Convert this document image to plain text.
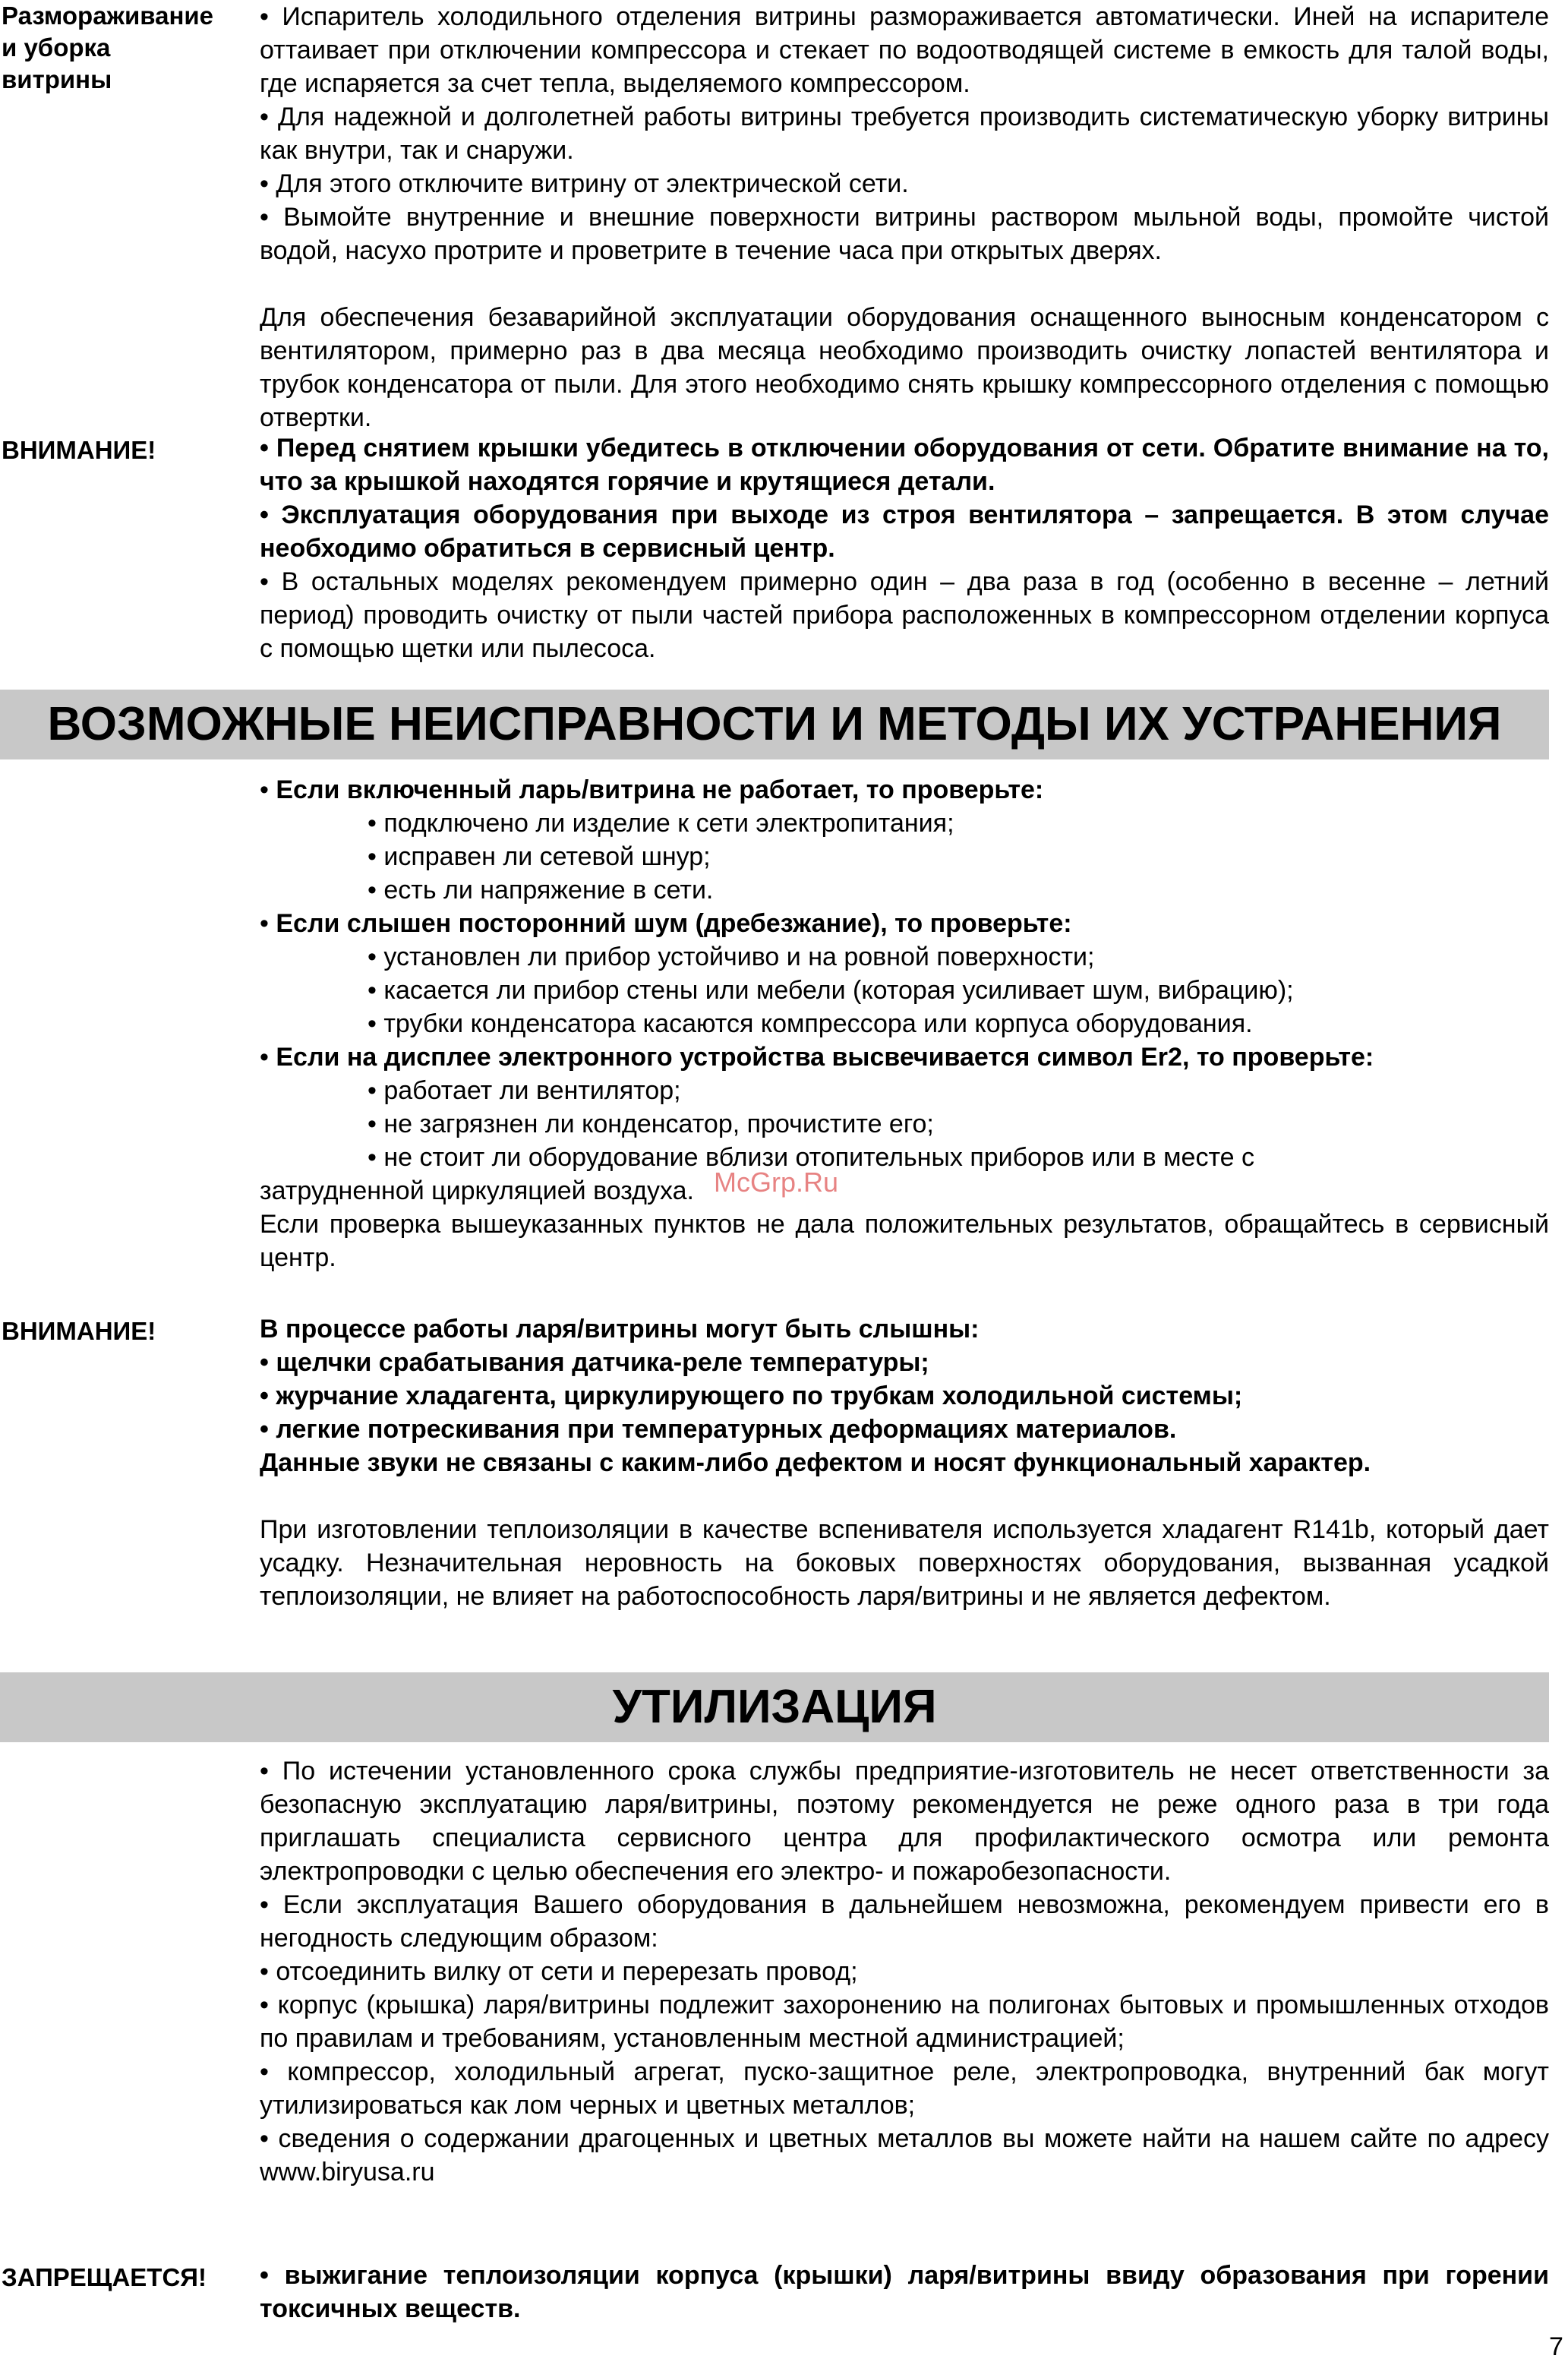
Размораживание
и уборка
витрины

• Испаритель холодильного отделения витрины размораживается автоматически. Иней на испарителе оттаивает при отключении компрессора и стекает по водоотводящей системе в емкость для талой воды, где испаряется за счет тепла, выделяемого компрессором.

• Для надежной и долголетней работы витрины требуется производить систематическую уборку витрины как внутри, так и снаружи.

• Для этого отключите витрину от электрической сети.

• Вымойте внутренние и внешние поверхности витрины раствором мыльной воды, промойте чистой водой, насухо протрите и проветрите в течение часа при открытых дверях.

Для обеспечения безаварийной эксплуатации оборудования оснащенного выносным конденсатором с вентилятором, примерно раз в два месяца необходимо производить очистку лопастей вентилятора и трубок конденсатора от пыли. Для этого необходимо снять крышку компрессорного отделения с помощью отвертки.

ВНИМАНИЕ!	• Перед снятием крышки убедитесь в отключении оборудования от сети. Обратите внимание на то, что за крышкой находятся горячие и крутящиеся детали.

• Эксплуатация оборудования при выходе из строя вентилятора – запрещается. В этом случае необходимо обратиться в сервисный центр.

• В остальных моделях рекомендуем примерно один – два раза в год (особенно в весенне – летний период) проводить очистку от пыли частей прибора расположенных в компрессорном отделении корпуса с помощью щетки или пылесоса.

ВОЗМОЖНЫЕ НЕИСПРАВНОСТИ И МЕТОДЫ ИХ УСТРАНЕНИЯ

• Если включенный ларь/витрина не работает, то проверьте:

• подключено ли изделие к сети электропитания;

• исправен ли сетевой шнур;

• есть ли напряжение в сети.

• Если слышен посторонний шум (дребезжание), то проверьте:

• установлен ли прибор устойчиво и на ровной поверхности;

• касается ли прибор стены или мебели (которая усиливает шум, вибрацию);

• трубки конденсатора касаются компрессора или корпуса оборудования.

• Если на дисплее электронного устройства высвечивается символ Er2, то проверьте:

• работает ли вентилятор;

• не загрязнен ли конденсатор, прочистите его;

• не стоит ли оборудование вблизи отопительных приборов или в месте с

затрудненной циркуляцией воздуха.

Если проверка вышеуказанных пунктов не дала положительных результатов, обращайтесь в сервисный центр.

ВНИМАНИЕ!	В процессе работы ларя/витрины могут быть слышны:

• щелчки срабатывания датчика-реле температуры;

• журчание хладагента, циркулирующего по трубкам холодильной системы;

• легкие потрескивания при температурных деформациях материалов.

Данные звуки не связаны с каким-либо дефектом и носят функциональный характер.

При изготовлении теплоизоляции в качестве вспенивателя используется хладагент R141b, который дает усадку. Незначительная неровность на боковых поверхностях оборудования, вызванная усадкой теплоизоляции, не влияет на работоспособность ларя/витрины и не является дефектом.

УТИЛИЗАЦИЯ

• По истечении установленного срока службы предприятие-изготовитель не несет ответственности за безопасную эксплуатацию ларя/витрины, поэтому рекомендуется не реже одного раза в три года приглашать специалиста сервисного центра для профилактического осмотра или ремонта электропроводки с целью обеспечения его электро- и пожаробезопасности.

• Если эксплуатация Вашего оборудования в дальнейшем невозможна, рекомендуем привести его в негодность следующим образом:

• отсоединить вилку от сети и перерезать провод;

• корпус (крышка) ларя/витрины подлежит захоронению на полигонах бытовых и промышленных отходов по правилам и требованиям, установленным местной администрацией;

• компрессор, холодильный агрегат, пуско-защитное реле, электропроводка, внутренний бак могут утилизироваться как лом черных и цветных металлов;

• сведения о содержании драгоценных и цветных металлов вы можете найти на нашем сайте по адресу www.biryusa.ru

ЗАПРЕЩАЕТСЯ!	• выжигание теплоизоляции корпуса (крышки) ларя/витрины ввиду образования при горении токсичных веществ.

McGrp.Ru
7
